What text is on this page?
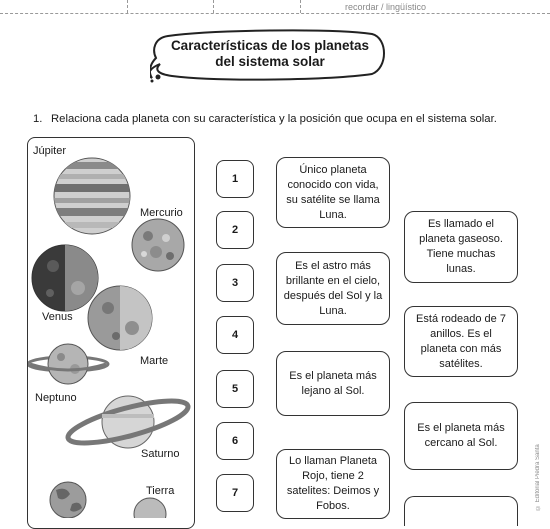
recordar / lingüístico
Características de los planetas
del sistema solar
1. Relaciona cada planeta con su característica y la posición que ocupa en el sistema solar.
Júpiter
Mercurio
Venus
Marte
Neptuno
Saturno
Tierra
1
2
3
4
5
6
7
Único planeta conocido con vida, su satélite se llama Luna.
Es el astro más brillante en el cielo, después del Sol y la Luna.
Es el planeta más lejano al Sol.
Lo llaman Planeta Rojo, tiene 2 satelites: Deimos y Fobos.
Es llamado el planeta gaseoso. Tiene muchas lunas.
Está rodeado de 7 anillos. Es el planeta con más satélites.
Es el planeta más cercano al Sol.
© Editorial Piedra Santa
